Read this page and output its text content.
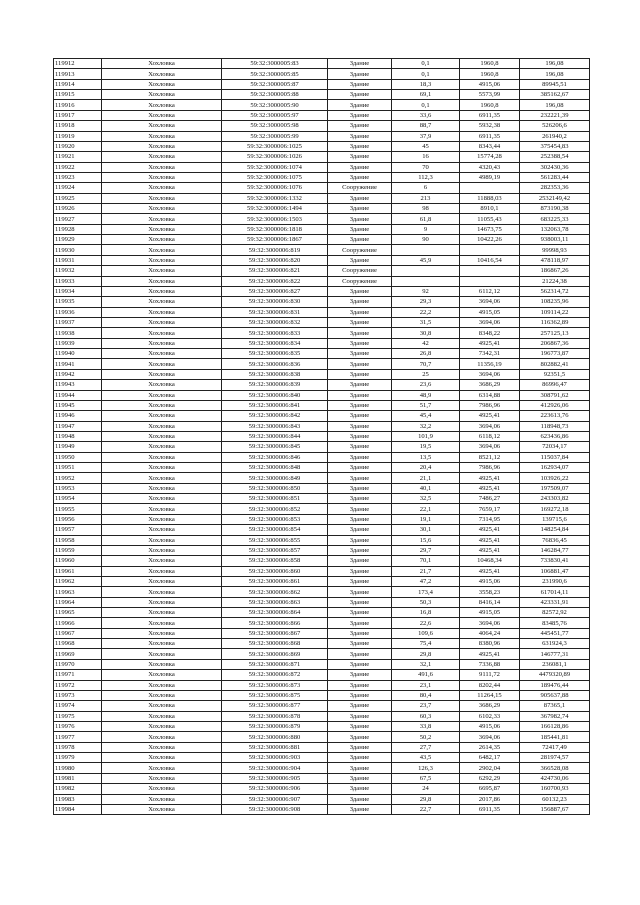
119912	Хохловка	59:32:3000005:83	Здание	0,1	1960,8	196,08
119913	Хохловка	59:32:3000005:85	Здание	0,1	1960,8	196,08
119914	Хохловка	59:32:3000005:87	Здание	18,3	4915,06	89945,51
119915	Хохловка	59:32:3000005:88	Здание	69,1	5573,99	385162,67
119916	Хохловка	59:32:3000005:90	Здание	0,1	1960,8	196,08
119917	Хохловка	59:32:3000005:97	Здание	33,6	6911,35	232221,39
119918	Хохловка	59:32:3000005:98	Здание	88,7	5932,38	526206,6
119919	Хохловка	59:32:3000005:99	Здание	37,9	6911,35	261940,2
119920	Хохловка	59:32:3000006:1025	Здание	45	8343,44	375454,83
119921	Хохловка	59:32:3000006:1026	Здание	16	15774,28	252388,54
119922	Хохловка	59:32:3000006:1074	Здание	70	4320,43	302430,36
119923	Хохловка	59:32:3000006:1075	Здание	112,3	4989,19	561283,44
119924	Хохловка	59:32:3000006:1076	Сооружение	6		282353,36
119925	Хохловка	59:32:3000006:1332	Здание	213	11888,03	2532149,42
119926	Хохловка	59:32:3000006:1494	Здание	98	8910,1	873190,38
119927	Хохловка	59:32:3000006:1503	Здание	61,8	11055,43	683225,33
119928	Хохловка	59:32:3000006:1818	Здание	9	14673,75	132063,78
119929	Хохловка	59:32:3000006:1867	Здание	90	10422,26	938003,11
119930	Хохловка	59:32:3000006:819	Сооружение			99998,93
119931	Хохловка	59:32:3000006:820	Здание	45,9	10416,54	478118,97
119932	Хохловка	59:32:3000006:821	Сооружение			186867,26
119933	Хохловка	59:32:3000006:822	Сооружение			21224,38
119934	Хохловка	59:32:3000006:827	Здание	92	6112,12	562314,72
119935	Хохловка	59:32:3000006:830	Здание	29,3	3694,06	108235,96
119936	Хохловка	59:32:3000006:831	Здание	22,2	4915,05	109114,22
119937	Хохловка	59:32:3000006:832	Здание	31,5	3694,06	116362,89
119938	Хохловка	59:32:3000006:833	Здание	30,8	8348,22	257125,13
119939	Хохловка	59:32:3000006:834	Здание	42	4925,41	206867,36
119940	Хохловка	59:32:3000006:835	Здание	26,8	7342,31	196773,87
119941	Хохловка	59:32:3000006:836	Здание	70,7	11356,19	802882,41
119942	Хохловка	59:32:3000006:838	Здание	25	3694,06	92351,5
119943	Хохловка	59:32:3000006:839	Здание	23,6	3686,29	86996,47
119944	Хохловка	59:32:3000006:840	Здание	48,9	6314,88	308791,62
119945	Хохловка	59:32:3000006:841	Здание	51,7	7986,96	412926,06
119946	Хохловка	59:32:3000006:842	Здание	45,4	4925,41	223613,76
119947	Хохловка	59:32:3000006:843	Здание	32,2	3694,06	118948,73
119948	Хохловка	59:32:3000006:844	Здание	101,9	6118,12	623436,86
119949	Хохловка	59:32:3000006:845	Здание	19,5	3694,06	72034,17
119950	Хохловка	59:32:3000006:846	Здание	13,5	8521,12	115037,84
119951	Хохловка	59:32:3000006:848	Здание	20,4	7986,96	162934,07
119952	Хохловка	59:32:3000006:849	Здание	21,1	4925,41	103926,22
119953	Хохловка	59:32:3000006:850	Здание	40,1	4925,41	197509,07
119954	Хохловка	59:32:3000006:851	Здание	32,5	7486,27	243303,82
119955	Хохловка	59:32:3000006:852	Здание	22,1	7659,17	169272,18
119956	Хохловка	59:32:3000006:853	Здание	19,1	7314,95	139715,6
119957	Хохловка	59:32:3000006:854	Здание	30,1	4925,41	148254,84
119958	Хохловка	59:32:3000006:855	Здание	15,6	4925,41	76836,45
119959	Хохловка	59:32:3000006:857	Здание	29,7	4925,41	146284,77
119960	Хохловка	59:32:3000006:858	Здание	70,1	10468,34	733830,41
119961	Хохловка	59:32:3000006:860	Здание	21,7	4925,41	106881,47
119962	Хохловка	59:32:3000006:861	Здание	47,2	4915,06	231990,6
119963	Хохловка	59:32:3000006:862	Здание	173,4	3558,23	617014,11
119964	Хохловка	59:32:3000006:863	Здание	50,3	8416,14	423331,91
119965	Хохловка	59:32:3000006:864	Здание	16,8	4915,05	82572,92
119966	Хохловка	59:32:3000006:866	Здание	22,6	3694,06	83485,76
119967	Хохловка	59:32:3000006:867	Здание	109,6	4064,24	445451,77
119968	Хохловка	59:32:3000006:868	Здание	75,4	8380,96	631924,3
119969	Хохловка	59:32:3000006:869	Здание	29,8	4925,41	146777,31
119970	Хохловка	59:32:3000006:871	Здание	32,1	7336,88	236081,1
119971	Хохловка	59:32:3000006:872	Здание	491,6	9111,72	4479320,89
119972	Хохловка	59:32:3000006:873	Здание	23,1	8202,44	189476,44
119973	Хохловка	59:32:3000006:875	Здание	80,4	11264,15	905637,88
119974	Хохловка	59:32:3000006:877	Здание	23,7	3686,29	87365,1
119975	Хохловка	59:32:3000006:878	Здание	60,3	6102,33	367982,74
119976	Хохловка	59:32:3000006:879	Здание	33,8	4915,06	166128,86
119977	Хохловка	59:32:3000006:880	Здание	50,2	3694,06	185441,81
119978	Хохловка	59:32:3000006:881	Здание	27,7	2614,35	72417,49
119979	Хохловка	59:32:3000006:903	Здание	43,5	6482,17	281974,57
119980	Хохловка	59:32:3000006:904	Здание	126,3	2902,04	366528,08
119981	Хохловка	59:32:3000006:905	Здание	67,5	6292,29	424730,06
119982	Хохловка	59:32:3000006:906	Здание	24	6695,87	160700,93
119983	Хохловка	59:32:3000006:907	Здание	29,8	2017,86	60132,23
119984	Хохловка	59:32:3000006:908	Здание	22,7	6911,35	156887,67
